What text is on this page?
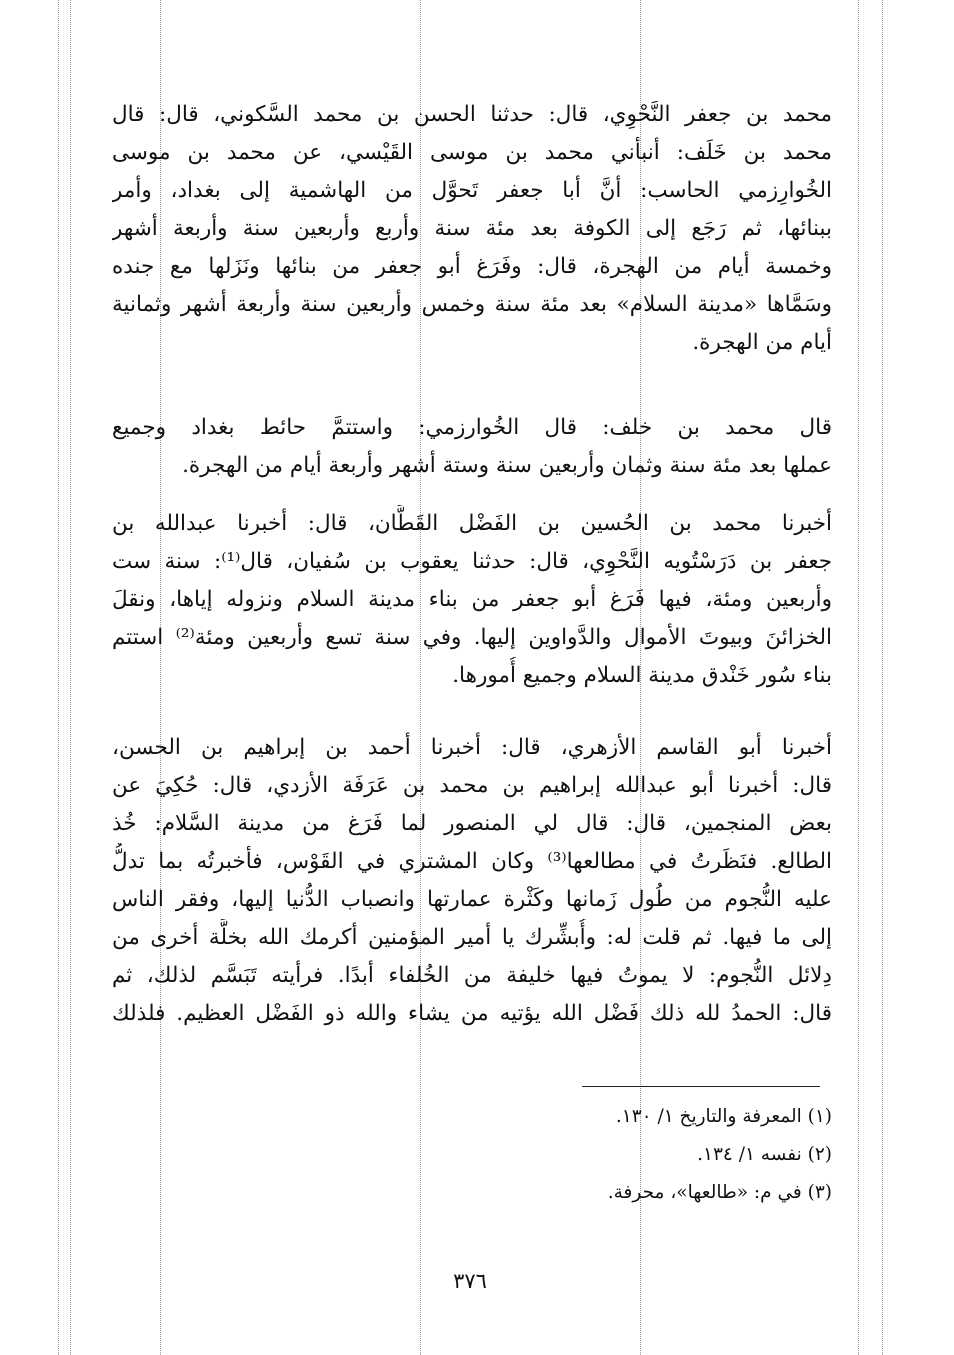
محمد بن جعفر النَّحْوِي، قال: حدثنا الحسن بن محمد السَّكوني، قال: قال
محمد بن خَلَف: أنبأني محمد بن موسى القَيْسي، عن محمد بن موسى
الخُوارِزمي الحاسب: أنَّ أبا جعفر تَحوَّل من الهاشمية إلى بغداد، وأمر
ببنائها، ثم رَجَع إلى الكوفة بعد مئة سنة وأربع وأربعين سنة وأربعة أشهر
وخمسة أيام من الهجرة، قال: وفَرَغ أبو جعفر من بنائها ونَزَلها مع جنده
وسَمَّاها «مدينة السلام» بعد مئة سنة وخمس وأربعين سنة وأربعة أشهر وثمانية
أيام من الهجرة.
قال محمد بن خلف: قال الخُوارزمي: واستتمَّ حائط بغداد وجميع
عملها بعد مئة سنة وثمان وأربعين سنة وستة أشهر وأربعة أيام من الهجرة.
أخبرنا محمد بن الحُسين بن الفَضْل القَطَّان، قال: أخبرنا عبدالله بن
جعفر بن دَرَسْتُويه النَّحْوِي، قال: حدثنا يعقوب بن سُفيان، قال⁽¹⁾: سنة ست
وأربعين ومئة، فيها فَرَغ أبو جعفر من بناء مدينة السلام ونزوله إياها، ونقلَ
الخزائنَ وبيوتَ الأموال والدَّواوين إليها. وفي سنة تسع وأربعين ومئة⁽²⁾ استتم
بناء سُور خَنْدق مدينة السلام وجميع أُمورها.
أخبرنا أبو القاسم الأزهري، قال: أخبرنا أحمد بن إبراهيم بن الحسن،
قال: أخبرنا أبو عبدالله إبراهيم بن محمد بن عَرَفَة الأزدي، قال: حُكِيَ عن
بعض المنجمين، قال: قال لي المنصور لما فَرَغ من مدينة السَّلام: خُذ
الطالع. فنَظَرتُ في مطالعها⁽³⁾ وكان المشتري في القَوْس، فأخبرتُه بما تدلُّ
عليه النُّجوم من طُول زَمانها وكَثْرة عمارتها وانصباب الدُّنيا إليها، وفقر الناس
إلى ما فيها. ثم قلت له: وأُبشِّرك يا أمير المؤمنين أكرمك الله بخلَّة أخرى من
دِلائل النُّجوم: لا يموتُ فيها خليفة من الخُلفاء أبدًا. فرأيته تَبَسَّم لذلك، ثم
قال: الحمدُ لله ذلك فَضْل الله يؤتيه من يشاء والله ذو الفَضْل العظيم. فلذلك
(١) المعرفة والتاريخ ١/ ١٣٠.
(٢) نفسه ١/ ١٣٤.
(٣) في م: «طالعها»، محرفة.
٣٧٦
